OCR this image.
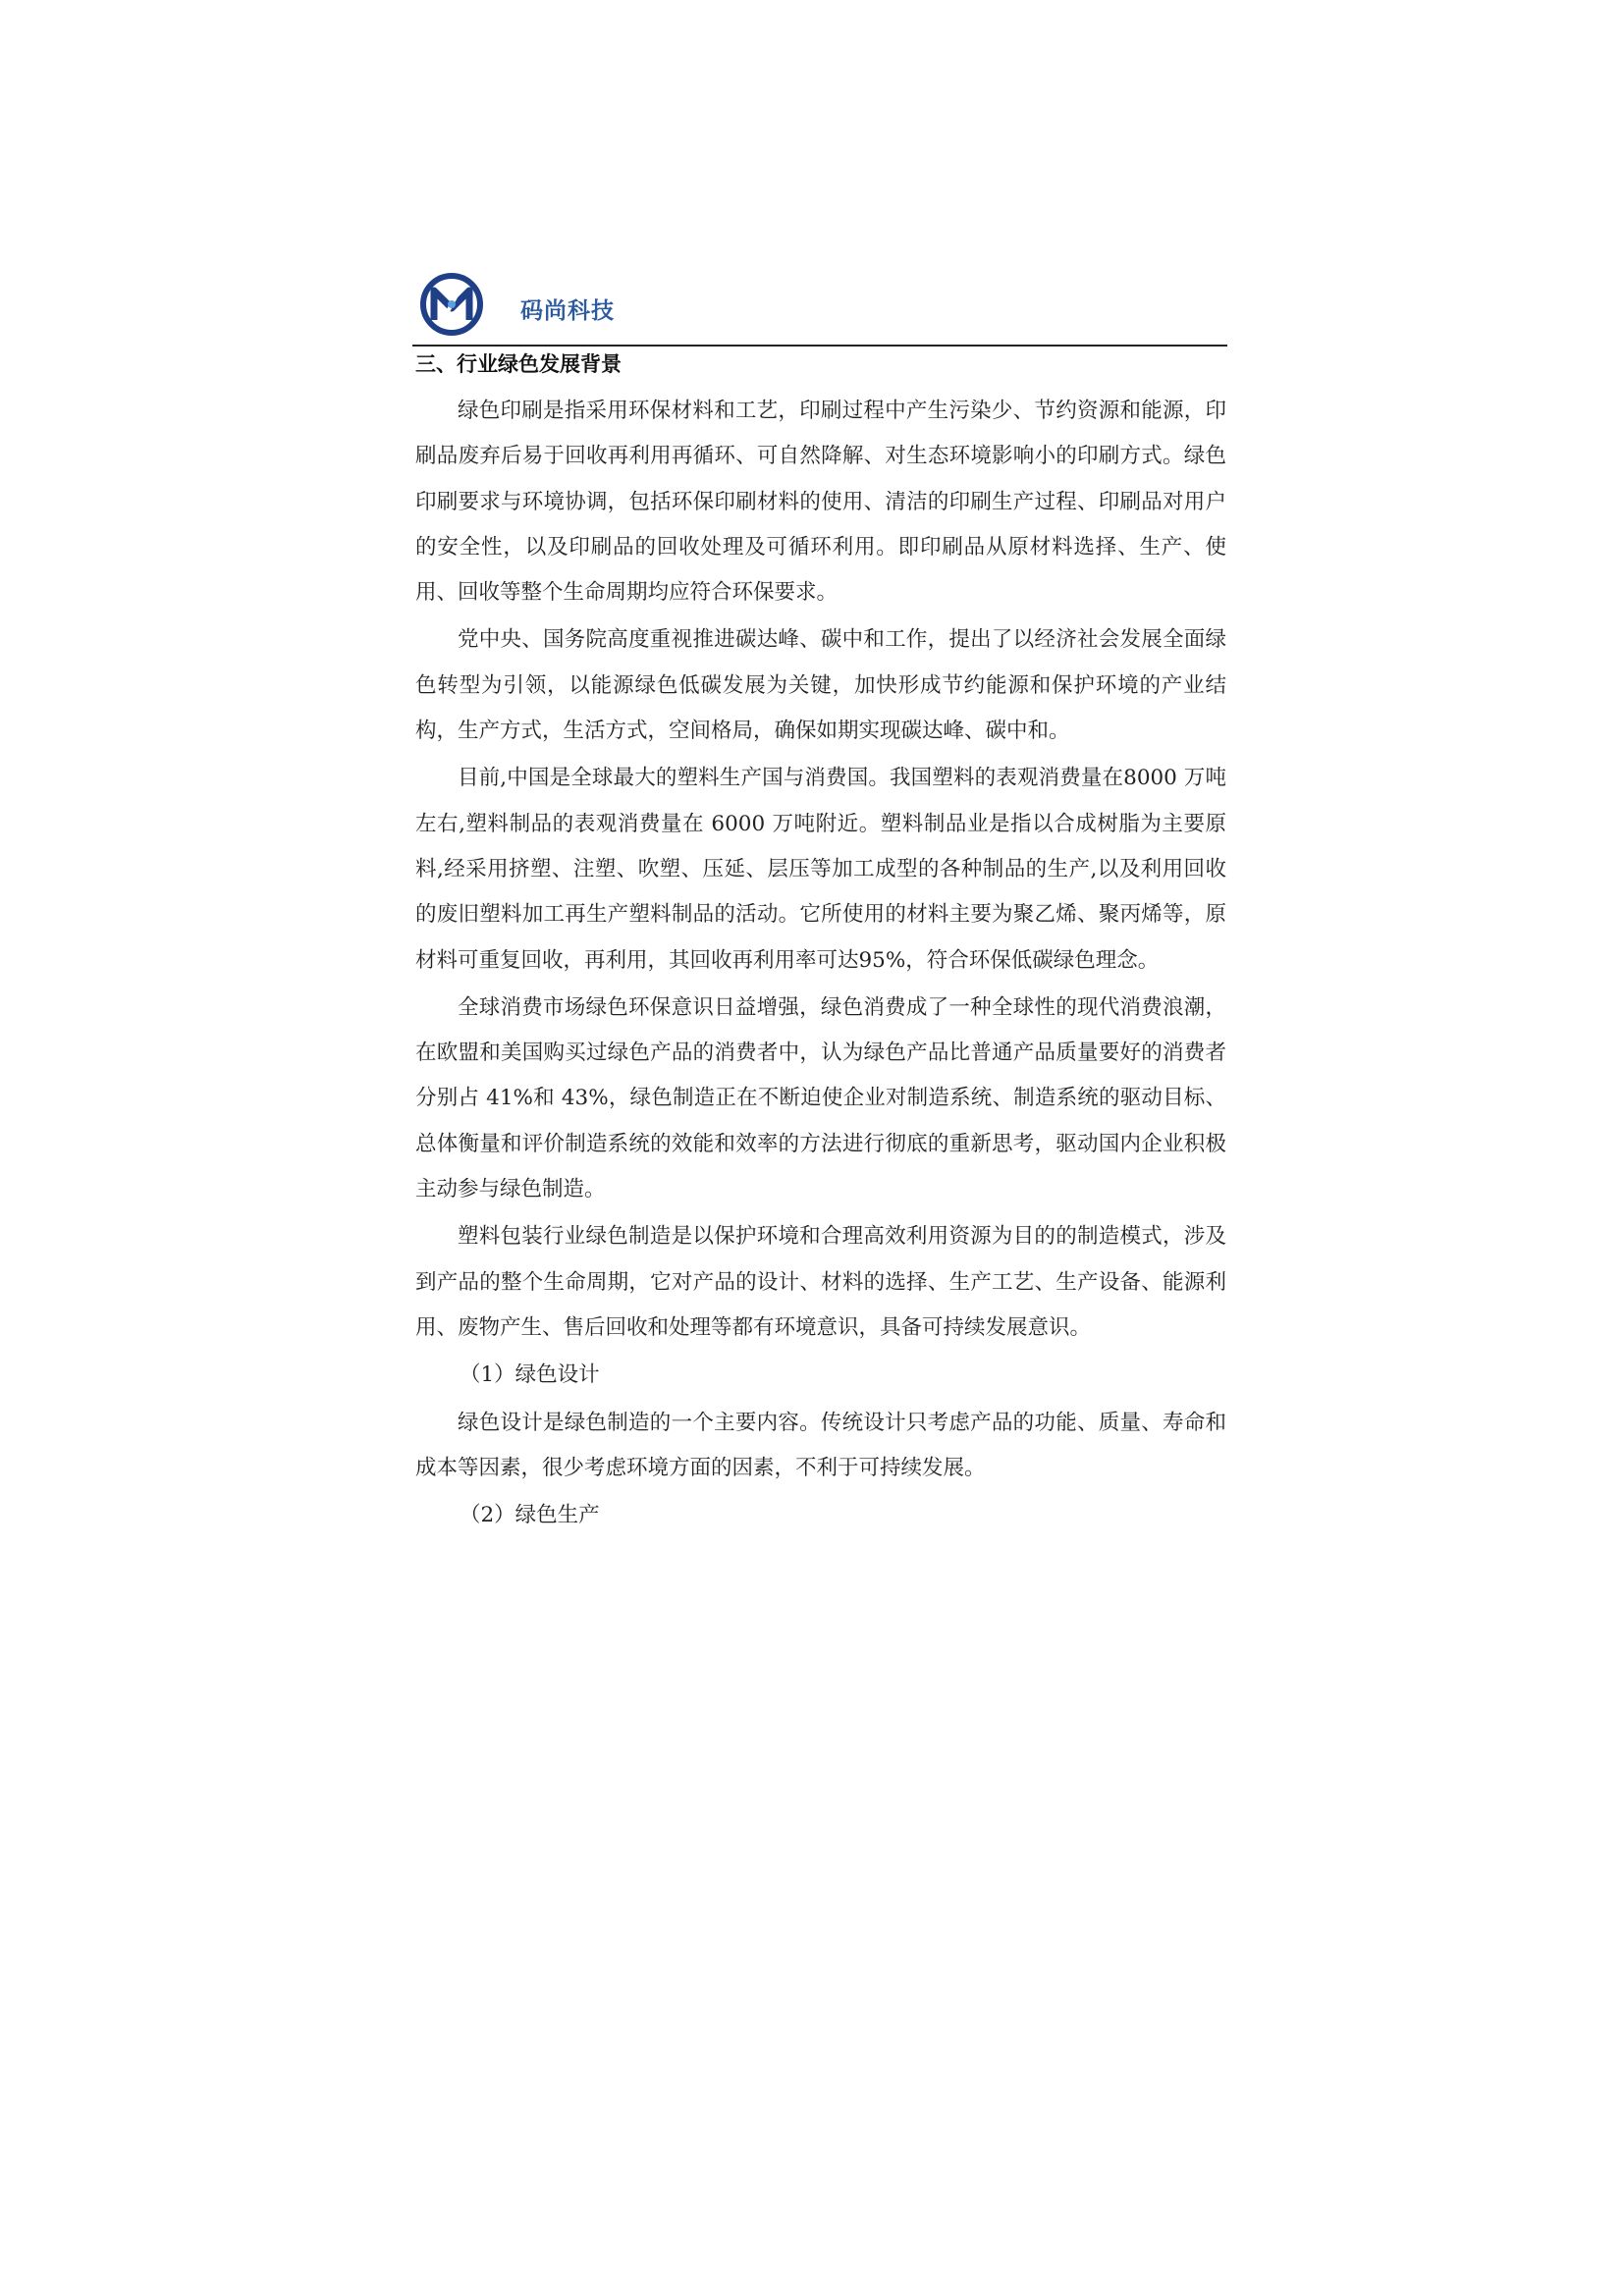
码尚科技
三、行业绿色发展背景

绿色印刷是指采用环保材料和工艺，印刷过程中产生污染少、节约资源和能源，印刷品废弃后易于回收再利用再循环、可自然降解、对生态环境影响小的印刷方式。绿色印刷要求与环境协调，包括环保印刷材料的使用、清洁的印刷生产过程、印刷品对用户的安全性，以及印刷品的回收处理及可循环利用。即印刷品从原材料选择、生产、使用、回收等整个生命周期均应符合环保要求。

党中央、国务院高度重视推进碳达峰、碳中和工作，提出了以经济社会发展全面绿色转型为引领，以能源绿色低碳发展为关键，加快形成节约能源和保护环境的产业结构，生产方式，生活方式，空间格局，确保如期实现碳达峰、碳中和。

目前,中国是全球最大的塑料生产国与消费国。我国塑料的表观消费量在8000 万吨左右,塑料制品的表观消费量在 6000 万吨附近。塑料制品业是指以合成树脂为主要原料,经采用挤塑、注塑、吹塑、压延、层压等加工成型的各种制品的生产,以及利用回收的废旧塑料加工再生产塑料制品的活动。它所使用的材料主要为聚乙烯、聚丙烯等，原材料可重复回收，再利用，其回收再利用率可达95%，符合环保低碳绿色理念。

全球消费市场绿色环保意识日益增强，绿色消费成了一种全球性的现代消费浪潮，在欧盟和美国购买过绿色产品的消费者中，认为绿色产品比普通产品质量要好的消费者分别占 41%和 43%，绿色制造正在不断迫使企业对制造系统、制造系统的驱动目标、总体衡量和评价制造系统的效能和效率的方法进行彻底的重新思考，驱动国内企业积极主动参与绿色制造。

塑料包装行业绿色制造是以保护环境和合理高效利用资源为目的的制造模式，涉及到产品的整个生命周期，它对产品的设计、材料的选择、生产工艺、生产设备、能源利用、废物产生、售后回收和处理等都有环境意识，具备可持续发展意识。

（1）绿色设计

绿色设计是绿色制造的一个主要内容。传统设计只考虑产品的功能、质量、寿命和成本等因素，很少考虑环境方面的因素，不利于可持续发展。

（2）绿色生产
